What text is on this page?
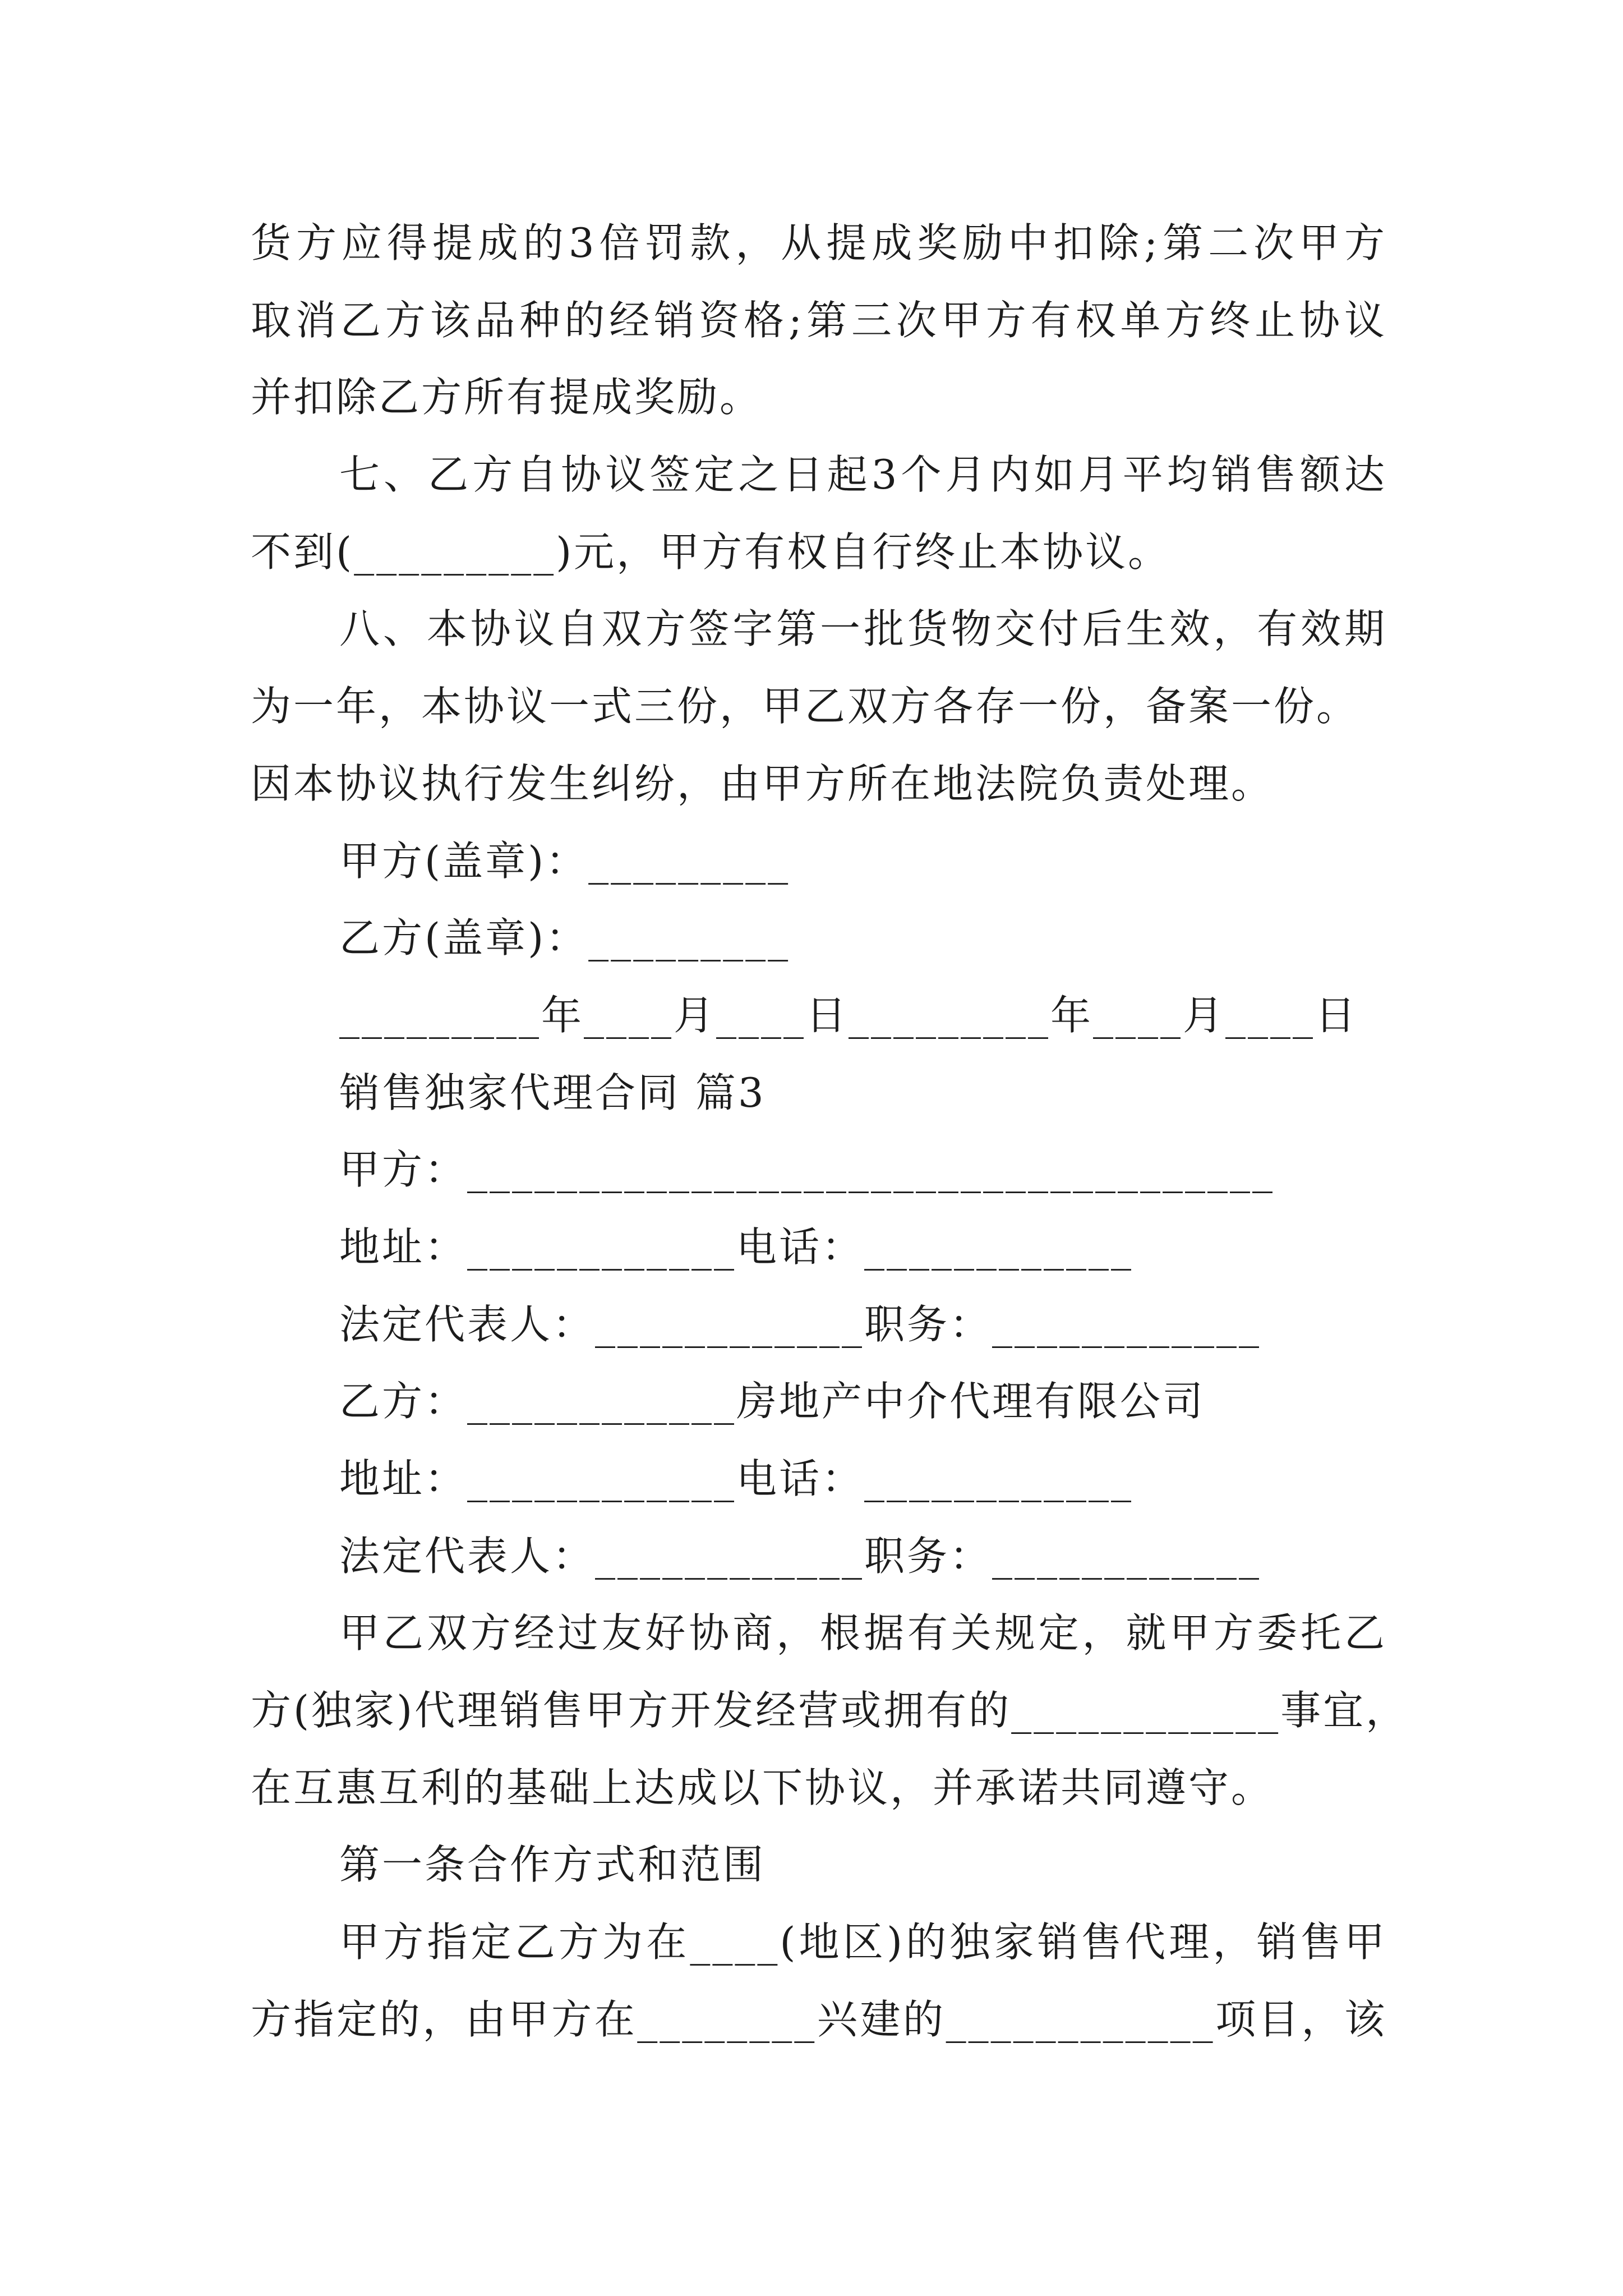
货方应得提成的3倍罚款，从提成奖励中扣除;第二次甲方
取消乙方该品种的经销资格;第三次甲方有权单方终止协议
并扣除乙方所有提成奖励。
七、乙方自协议签定之日起3个月内如月平均销售额达
不到(_________)元，甲方有权自行终止本协议。
八、本协议自双方签字第一批货物交付后生效，有效期
为一年，本协议一式三份，甲乙双方各存一份，备案一份。
因本协议执行发生纠纷，由甲方所在地法院负责处理。
甲方(盖章)：_________
乙方(盖章)：_________
_________年____月____日_________年____月____日
销售独家代理合同 篇3
甲方：____________________________________
地址：____________电话：____________
法定代表人：____________职务：____________
乙方：____________房地产中介代理有限公司
地址：____________电话：____________
法定代表人：____________职务：____________
甲乙双方经过友好协商，根据有关规定，就甲方委托乙
方(独家)代理销售甲方开发经营或拥有的____________事宜，
在互惠互利的基础上达成以下协议，并承诺共同遵守。
第一条合作方式和范围
甲方指定乙方为在____(地区)的独家销售代理，销售甲
方指定的，由甲方在________兴建的____________项目，该
